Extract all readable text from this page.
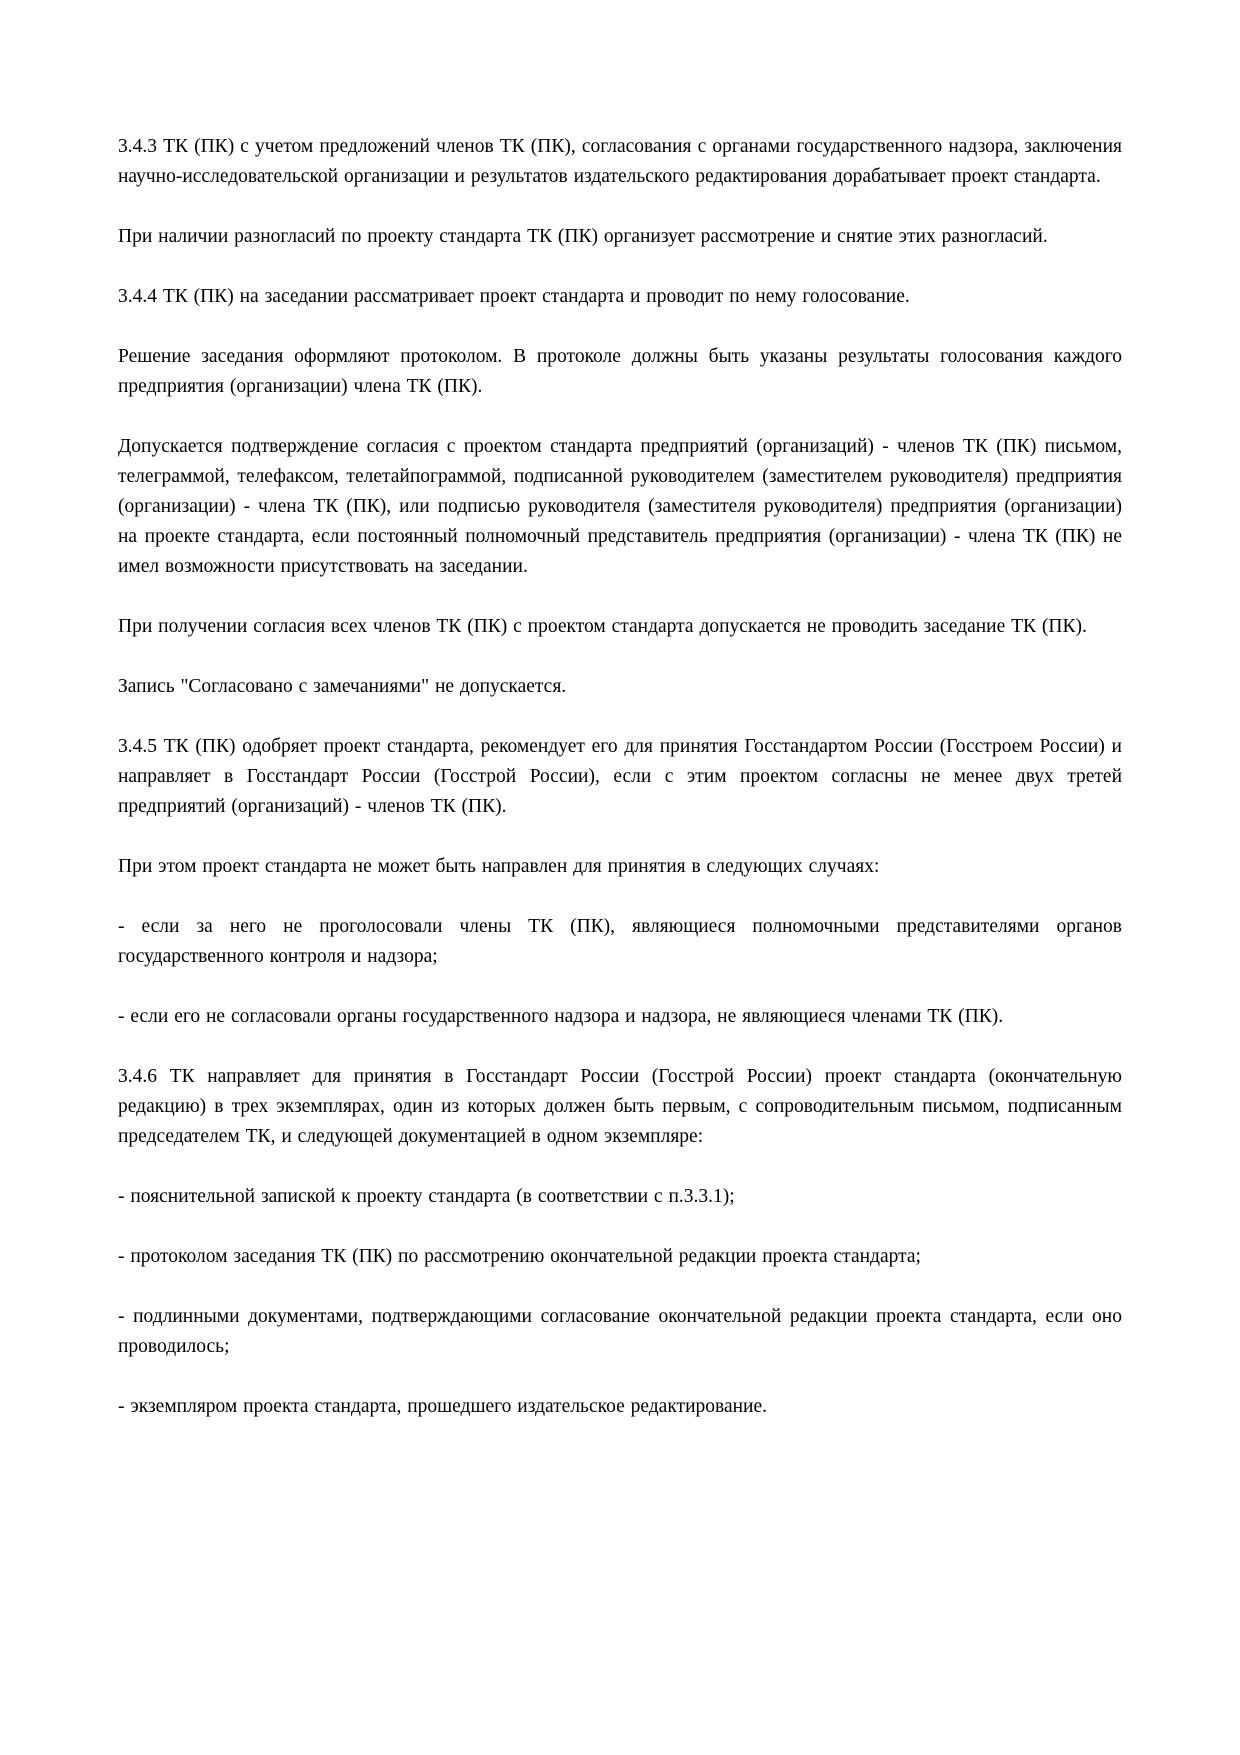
3.4.3 ТК (ПК) с учетом предложений членов ТК (ПК), согласования с органами государственного надзора, заключения научно-исследовательской организации и результатов издательского редактирования дорабатывает проект стандарта.

При наличии разногласий по проекту стандарта ТК (ПК) организует рассмотрение и снятие этих разногласий.

3.4.4 ТК (ПК) на заседании рассматривает проект стандарта и проводит по нему голосование.

Решение заседания оформляют протоколом. В протоколе должны быть указаны результаты голосования каждого предприятия (организации) члена ТК (ПК).

Допускается подтверждение согласия с проектом стандарта предприятий (организаций) - членов ТК (ПК) письмом, телеграммой, телефаксом, телетайпограммой, подписанной руководителем (заместителем руководителя) предприятия (организации) - члена ТК (ПК), или подписью руководителя (заместителя руководителя) предприятия (организации) на проекте стандарта, если постоянный полномочный представитель предприятия (организации) - члена ТК (ПК) не имел возможности присутствовать на заседании.

При получении согласия всех членов ТК (ПК) с проектом стандарта допускается не проводить заседание ТК (ПК).

Запись "Согласовано с замечаниями" не допускается.

3.4.5 ТК (ПК) одобряет проект стандарта, рекомендует его для принятия Госстандартом России (Госстроем России) и направляет в Госстандарт России (Госстрой России), если с этим проектом согласны не менее двух третей предприятий (организаций) - членов ТК (ПК).

При этом проект стандарта не может быть направлен для принятия в следующих случаях:

- если за него не проголосовали члены ТК (ПК), являющиеся полномочными представителями органов государственного контроля и надзора;

- если его не согласовали органы государственного надзора и надзора, не являющиеся членами ТК (ПК).

3.4.6 ТК направляет для принятия в Госстандарт России (Госстрой России) проект стандарта (окончательную редакцию) в трех экземплярах, один из которых должен быть первым, с сопроводительным письмом, подписанным председателем ТК, и следующей документацией в одном экземпляре:

- пояснительной запиской к проекту стандарта (в соответствии с п.3.3.1);

- протоколом заседания ТК (ПК) по рассмотрению окончательной редакции проекта стандарта;

- подлинными документами, подтверждающими согласование окончательной редакции проекта стандарта, если оно проводилось;

- экземпляром проекта стандарта, прошедшего издательское редактирование.
